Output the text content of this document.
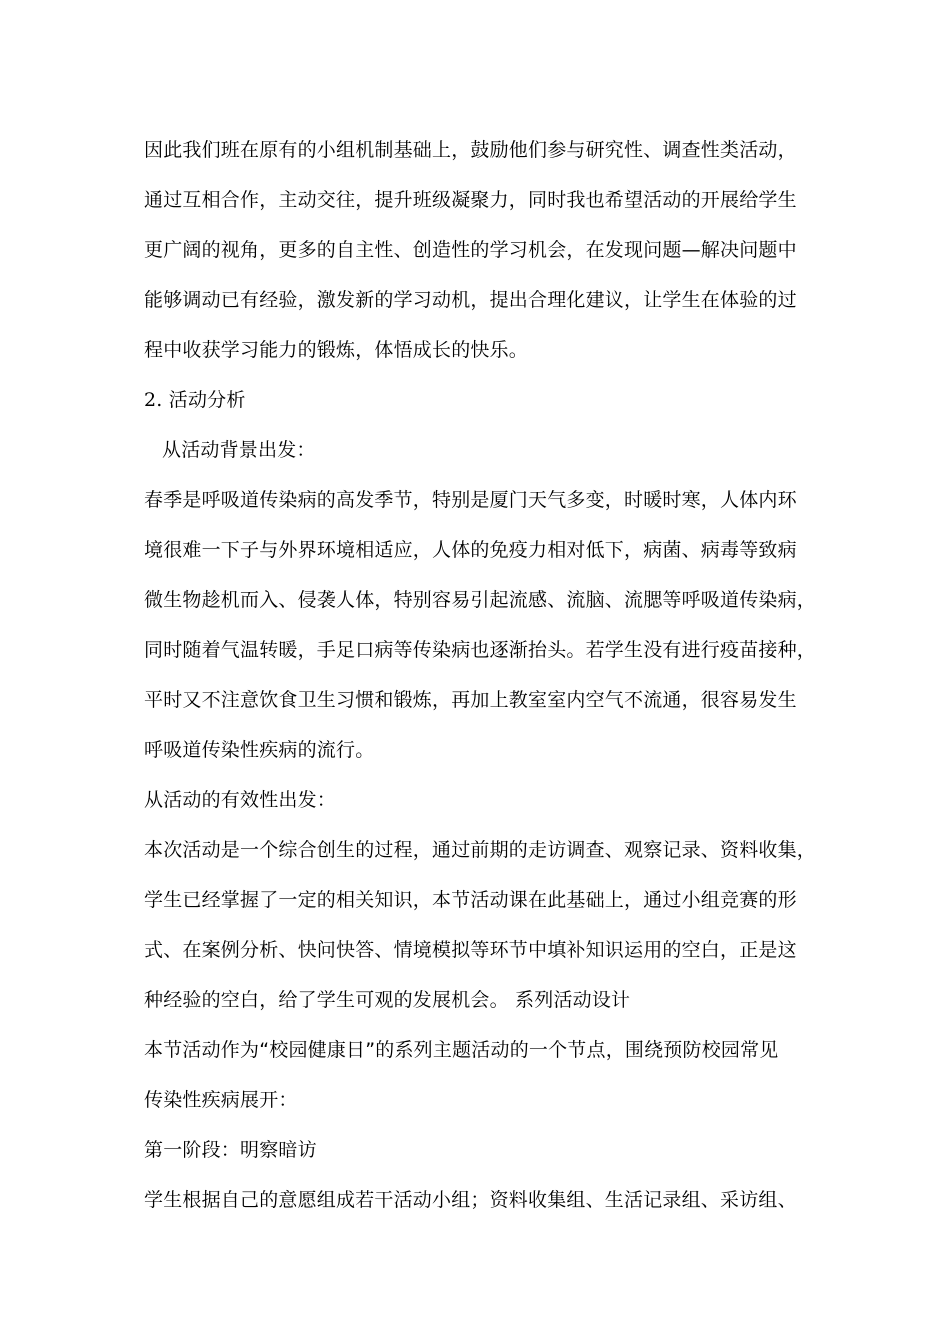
因此我们班在原有的小组机制基础上，鼓励他们参与研究性、调查性类活动，
通过互相合作，主动交往，提升班级凝聚力，同时我也希望活动的开展给学生
更广阔的视角，更多的自主性、创造性的学习机会，在发现问题—解决问题中
能够调动已有经验，激发新的学习动机，提出合理化建议，让学生在体验的过
程中收获学习能力的锻炼，体悟成长的快乐。
2. 活动分析
从活动背景出发：
春季是呼吸道传染病的高发季节，特别是厦门天气多变，时暖时寒，人体内环
境很难一下子与外界环境相适应，人体的免疫力相对低下，病菌、病毒等致病
微生物趁机而入、侵袭人体，特别容易引起流感、流脑、流腮等呼吸道传染病，
同时随着气温转暖，手足口病等传染病也逐渐抬头。若学生没有进行疫苗接种，
平时又不注意饮食卫生习惯和锻炼，再加上教室室内空气不流通，很容易发生
呼吸道传染性疾病的流行。
从活动的有效性出发：
本次活动是一个综合创生的过程，通过前期的走访调查、观察记录、资料收集，
学生已经掌握了一定的相关知识，本节活动课在此基础上，通过小组竞赛的形
式、在案例分析、快问快答、情境模拟等环节中填补知识运用的空白，正是这
种经验的空白，给了学生可观的发展机会。 系列活动设计
本节活动作为“校园健康日”的系列主题活动的一个节点，围绕预防校园常见
传染性疾病展开：
第一阶段：明察暗访
学生根据自己的意愿组成若干活动小组；资料收集组、生活记录组、采访组、
